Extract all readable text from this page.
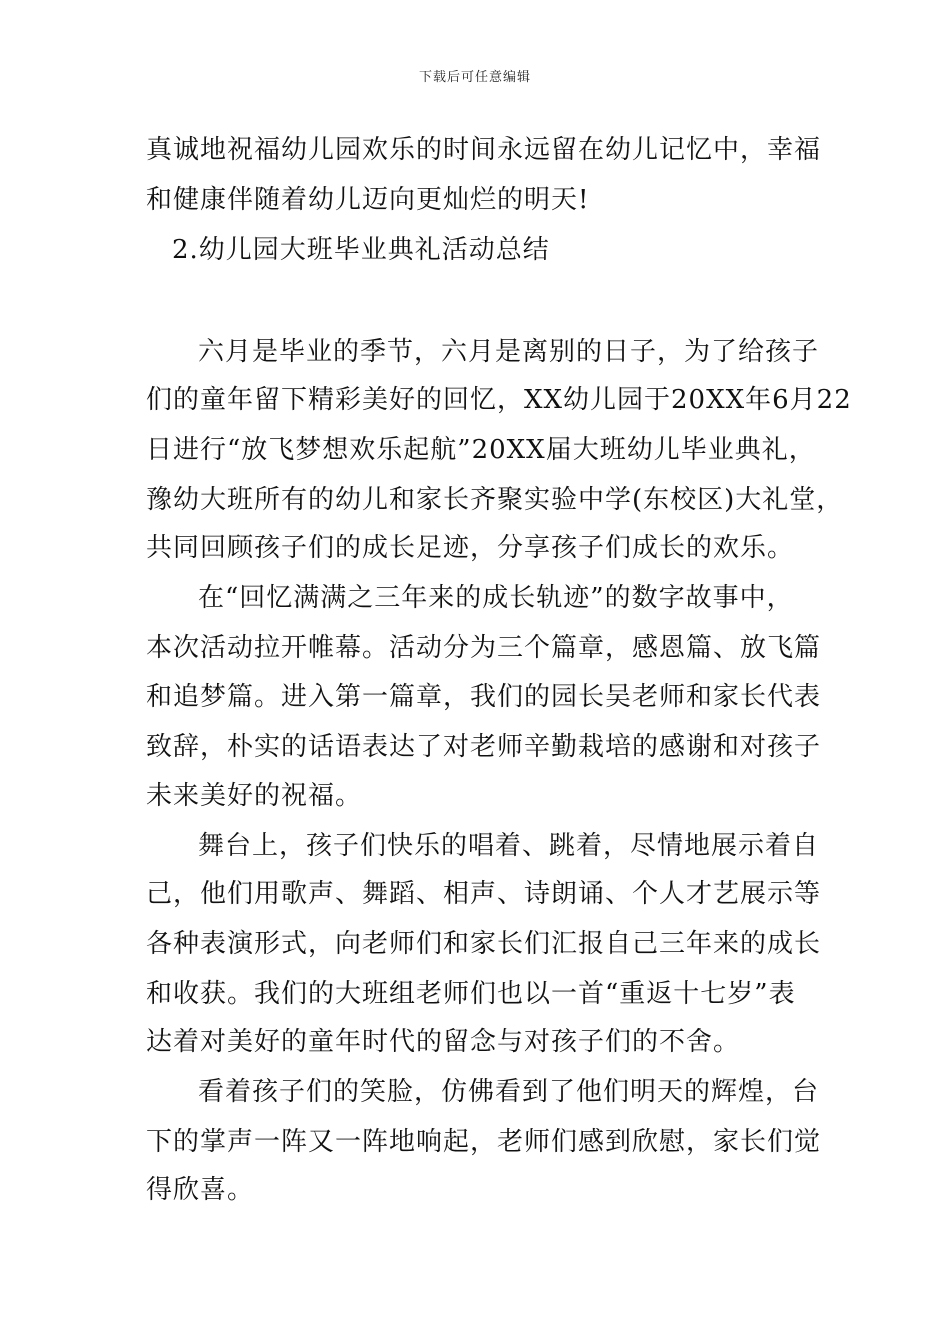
下载后可任意编辑
真诚地祝福幼儿园欢乐的时间永远留在幼儿记忆中，幸福
和健康伴随着幼儿迈向更灿烂的明天!
2.幼儿园大班毕业典礼活动总结
六月是毕业的季节，六月是离别的日子，为了给孩子
们的童年留下精彩美好的回忆，XX幼儿园于20XX年6月22
日进行“放飞梦想欢乐起航”20XX届大班幼儿毕业典礼，
豫幼大班所有的幼儿和家长齐聚实验中学(东校区)大礼堂，
共同回顾孩子们的成长足迹，分享孩子们成长的欢乐。
在“回忆满满之三年来的成长轨迹”的数字故事中，
本次活动拉开帷幕。活动分为三个篇章，感恩篇、放飞篇
和追梦篇。进入第一篇章，我们的园长吴老师和家长代表
致辞，朴实的话语表达了对老师辛勤栽培的感谢和对孩子
未来美好的祝福。
舞台上，孩子们快乐的唱着、跳着，尽情地展示着自
己，他们用歌声、舞蹈、相声、诗朗诵、个人才艺展示等
各种表演形式，向老师们和家长们汇报自己三年来的成长
和收获。我们的大班组老师们也以一首“重返十七岁”表
达着对美好的童年时代的留念与对孩子们的不舍。
看着孩子们的笑脸，仿佛看到了他们明天的辉煌，台
下的掌声一阵又一阵地响起，老师们感到欣慰，家长们觉
得欣喜。
